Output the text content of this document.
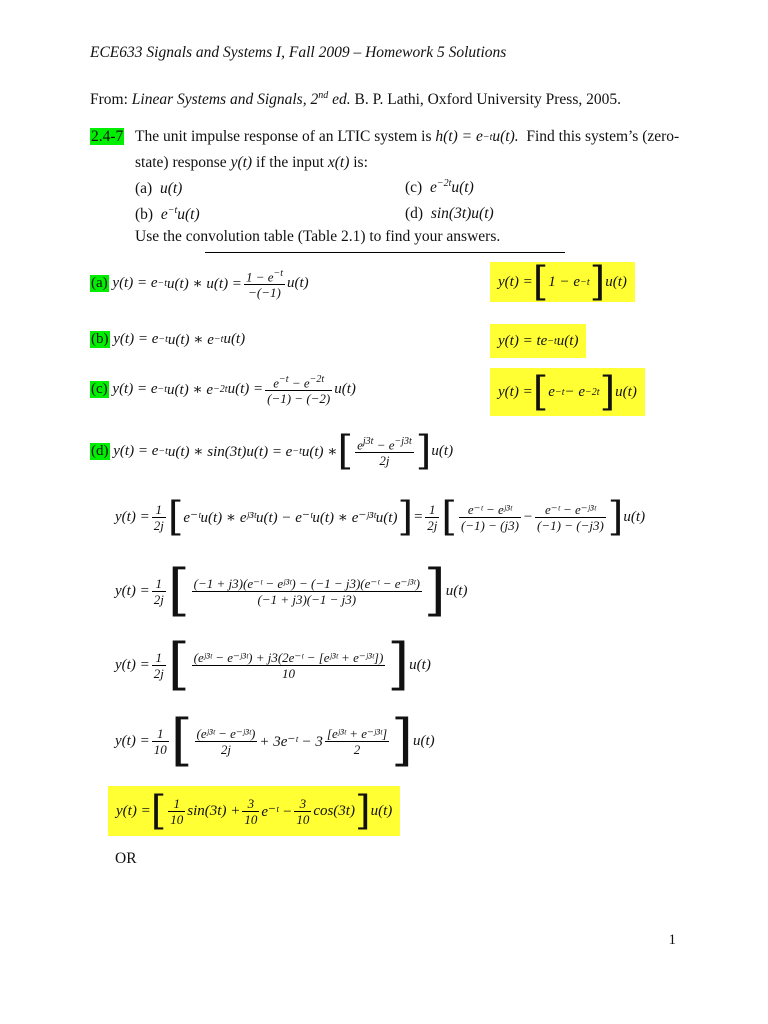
ECE633 Signals and Systems I, Fall 2009 – Homework 5 Solutions
From: Linear Systems and Signals, 2nd ed. B. P. Lathi, Oxford University Press, 2005.
2.4-7 The unit impulse response of an LTIC system is
h(t) = e −t u(t).
Find this system’s (zero-
state) response
y(t)
if the input
x(t)
is:
(a) u(t)	(c) $e^{-2t}u(t)$
(b) $e^{-t}u(t)$	(d) sin(3t)u(t)
Use the convolution table (Table 2.1) to find your answers.
(a)
y(t) = e −t u(t) ∗ $u(t) = \frac{1 - e^{-t}}{-(-1)} u(t)$	y(t) = [ 1 − e −t ] u(t)
(b)
y(t) = e −t u(t) ∗ e −t u(t)	y(t) = te −t u(t)
(c)
y(t) = e −t u(t) ∗ e −2t $u(t) = \frac{e^{-t} - e^{-2t}}{(-1) - (-2)} u(t)$	y(t) = [ e −t − e −2t ] u(t)
(d)
y(t) = e −t u(t) ∗ sin(3t)u(t) = e −t u(t) ∗ [ $\frac{e^{j3t} - e^{-j3t}}{2j}$ ] u(t)
$y(t) = \frac{1}{2j}$ [ e⁻ᵗu(t) ∗ eʲ³ᵗu(t) − e⁻ᵗu(t) ∗ e⁻ʲ³ᵗu(t) ] = $\frac{1}{2j}$ [ $\frac{\text{e⁻ᵗ − eʲ³ᵗ}}{(-1) - (j3)} - \frac{\text{e⁻ᵗ − e⁻ʲ³ᵗ}}{(-1) - (-j3)}$ ] u(t)
$y(t) = \frac{1}{2j}$ [ $\frac{\text{(−1 + j3)(e⁻ᵗ − eʲ³ᵗ) − (−1 − j3)(e⁻ᵗ − e⁻ʲ³ᵗ)}}{(-1 + j3)(-1 - j3)}$ ] u(t)
$y(t) = \frac{1}{2j}$ [ $\frac{\text{(eʲ³ᵗ − e⁻ʲ³ᵗ) + j3(2e⁻ᵗ − [eʲ³ᵗ + e⁻ʲ³ᵗ])}}{10}$ ] u(t)
$y(t) = \frac{1}{10}$ [ $\frac{\text{(eʲ³ᵗ − e⁻ʲ³ᵗ)}}{2j}$ + 3e⁻ᵗ − $3 \frac{\text{[eʲ³ᵗ + e⁻ʲ³ᵗ]}}{2}$ ] u(t)
y(t) = [ $\frac{1}{10} \sin(3t) + \frac{3}{10}$ e⁻ᵗ − $\frac{3}{10} \cos(3t)$ ] u(t)
OR
1
